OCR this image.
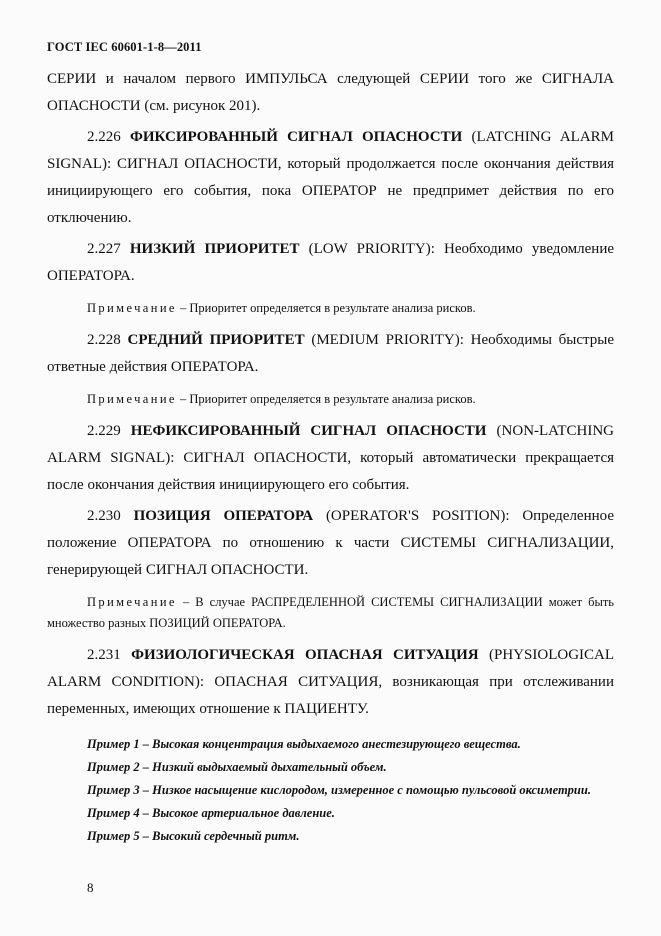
ГОСТ IEC 60601-1-8—2011

СЕРИИ и началом первого ИМПУЛЬСА следующей СЕРИИ того же СИГНАЛА ОПАСНОСТИ (см. рисунок 201).

2.226 ФИКСИРОВАННЫЙ СИГНАЛ ОПАСНОСТИ (LATCHING ALARM SIGNAL): СИГНАЛ ОПАСНОСТИ, который продолжается после окончания действия инициирующего его события, пока ОПЕРАТОР не предпримет действия по его отключению.

2.227 НИЗКИЙ ПРИОРИТЕТ (LOW PRIORITY): Необходимо уведомление ОПЕРАТОРА.

Примечание – Приоритет определяется в результате анализа рисков.

2.228 СРЕДНИЙ ПРИОРИТЕТ (MEDIUM PRIORITY): Необходимы быстрые ответные действия ОПЕРАТОРА.

Примечание – Приоритет определяется в результате анализа рисков.

2.229 НЕФИКСИРОВАННЫЙ СИГНАЛ ОПАСНОСТИ (NON-LATCHING ALARM SIGNAL): СИГНАЛ ОПАСНОСТИ, который автоматически прекращается после окончания действия инициирующего его события.

2.230 ПОЗИЦИЯ ОПЕРАТОРА (OPERATOR'S POSITION): Определенное положение ОПЕРАТОРА по отношению к части СИСТЕМЫ СИГНАЛИЗАЦИИ, генерирующей СИГНАЛ ОПАСНОСТИ.

Примечание – В случае РАСПРЕДЕЛЕННОЙ СИСТЕМЫ СИГНАЛИЗАЦИИ может быть множество разных ПОЗИЦИЙ ОПЕРАТОРА.

2.231 ФИЗИОЛОГИЧЕСКАЯ ОПАСНАЯ СИТУАЦИЯ (PHYSIOLOGICAL ALARM CONDITION): ОПАСНАЯ СИТУАЦИЯ, возникающая при отслеживании переменных, имеющих отношение к ПАЦИЕНТУ.

Пример 1 – Высокая концентрация выдыхаемого анестезирующего вещества.

Пример 2 – Низкий выдыхаемый дыхательный объем.

Пример 3 – Низкое насыщение кислородом, измеренное с помощью пульсовой оксиметрии.

Пример 4 – Высокое артериальное давление.

Пример 5 – Высокий сердечный ритм.

8
